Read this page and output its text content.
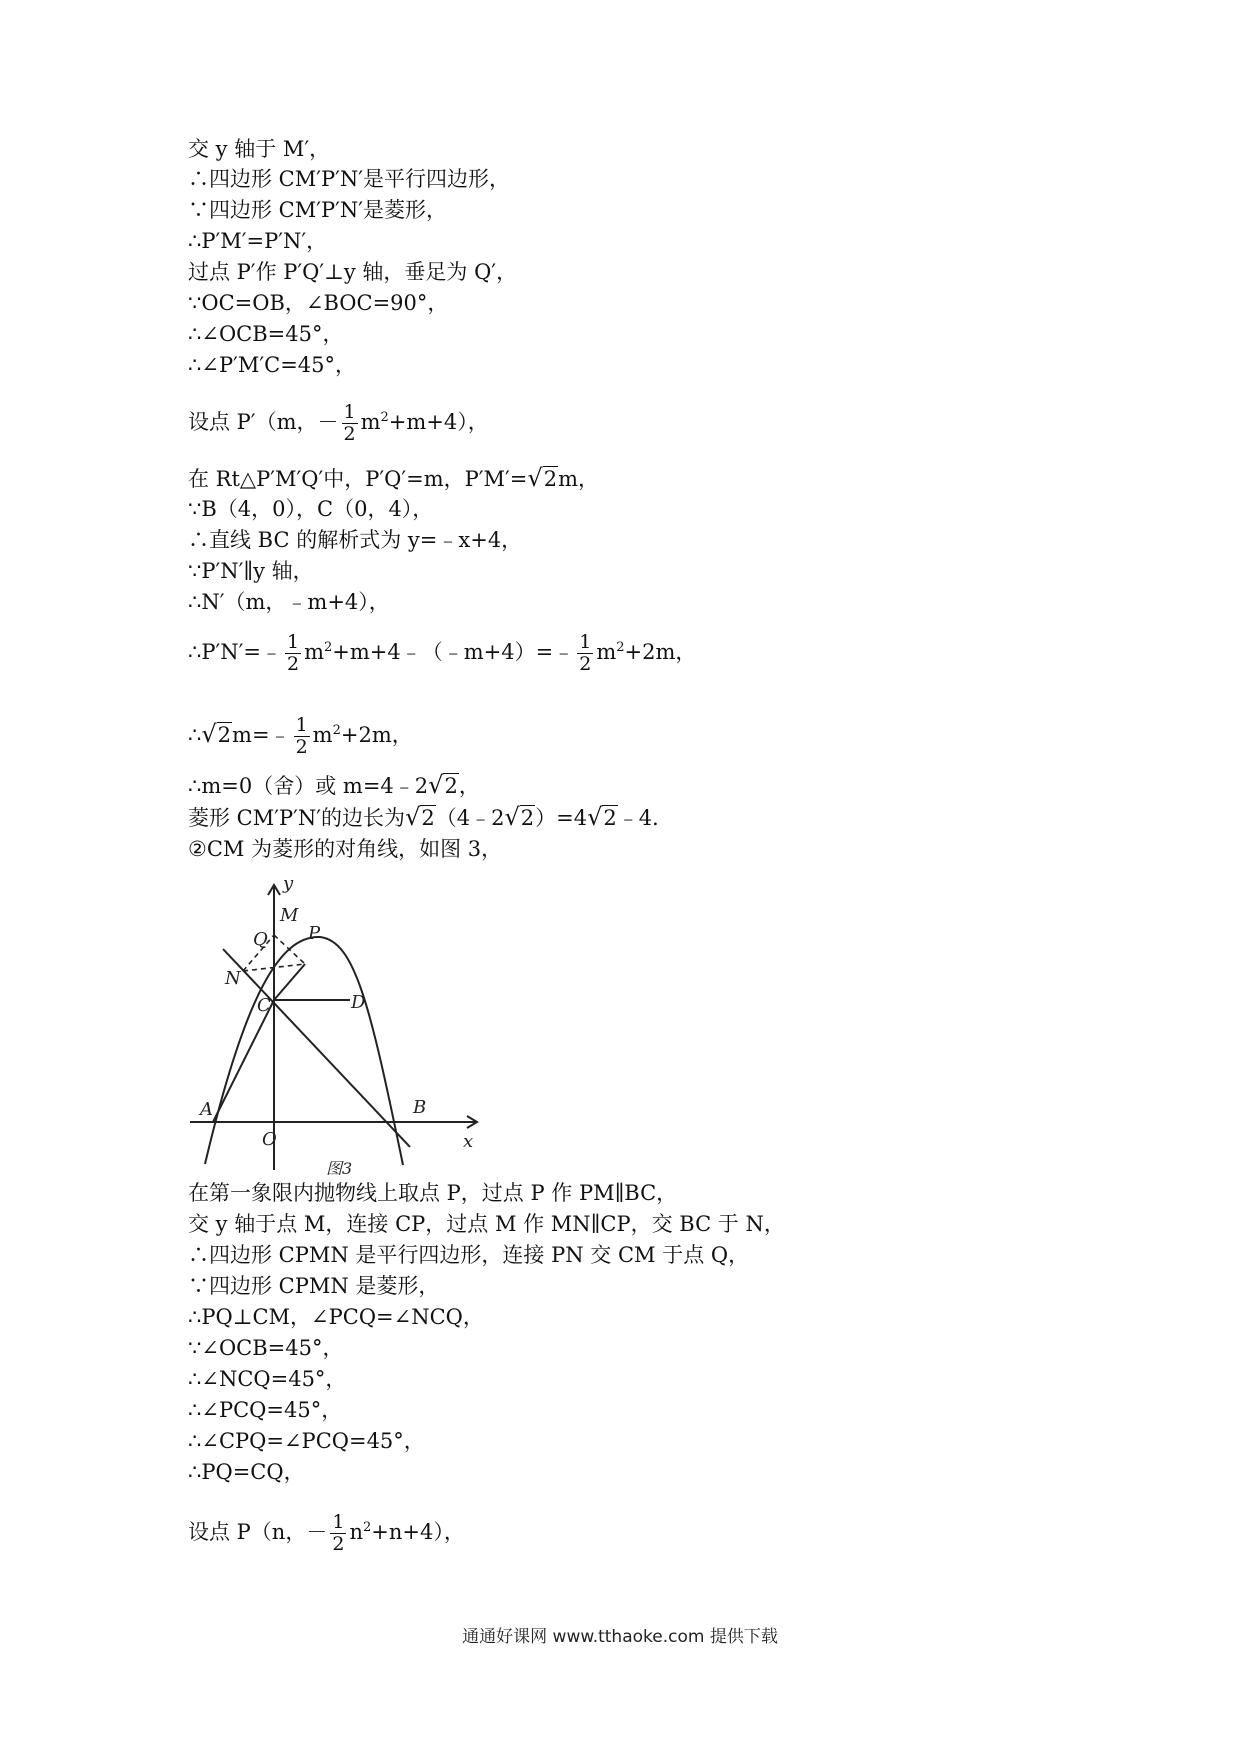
交 y 轴于 M′，
∴四边形 CM′P′N′是平行四边形，
∵四边形 CM′P′N′是菱形，
∴P′M′=P′N′，
过点 P′作 P′Q′⊥y 轴，垂足为 Q′，
∵OC=OB，∠BOC=90°，
∴∠OCB=45°，
∴∠P′M′C=45°，
设点 P′（m，－ $\frac{1}{2} m^2+m+4$），
在 Rt△P′M′Q′中，P′Q′=m，P′M′=√2m，
∵B（4，0），C（0，4），
∴直线 BC 的解析式为 y=﹣x+4，
∵P′N′∥y 轴，
∴N′（m，﹣m+4），
∴P′N′=﹣ $\frac{1}{2}$ $m^2+m+4﹣(﹣m+4)=﹣ \frac{1}{2} m^2+2m$，
∴√2m=﹣ $\frac{1}{2} m^2+2m$，
∴m=0（舍）或 m=4﹣2√2，
菱形 CM′P′N′的边长为√2（4﹣2√2）=4√2﹣4．
②CM 为菱形的对角线，如图 3，
y
x
M
Q P
N
C	D
A	B
O
图3
在第一象限内抛物线上取点 P，过点 P 作 PM∥BC，
交 y 轴于点 M，连接 CP，过点 M 作 MN∥CP，交 BC 于 N，
∴四边形 CPMN 是平行四边形，连接 PN 交 CM 于点 Q，
∵四边形 CPMN 是菱形，
∴PQ⊥CM，∠PCQ=∠NCQ，
∵∠OCB=45°，
∴∠NCQ=45°，
∴∠PCQ=45°，
∴∠CPQ=∠PCQ=45°，
∴PQ=CQ，
设点 P（n，－ $\frac{1}{2} n^2+n+4$），
通通好课网 www.tthaoke.com 提供下载
